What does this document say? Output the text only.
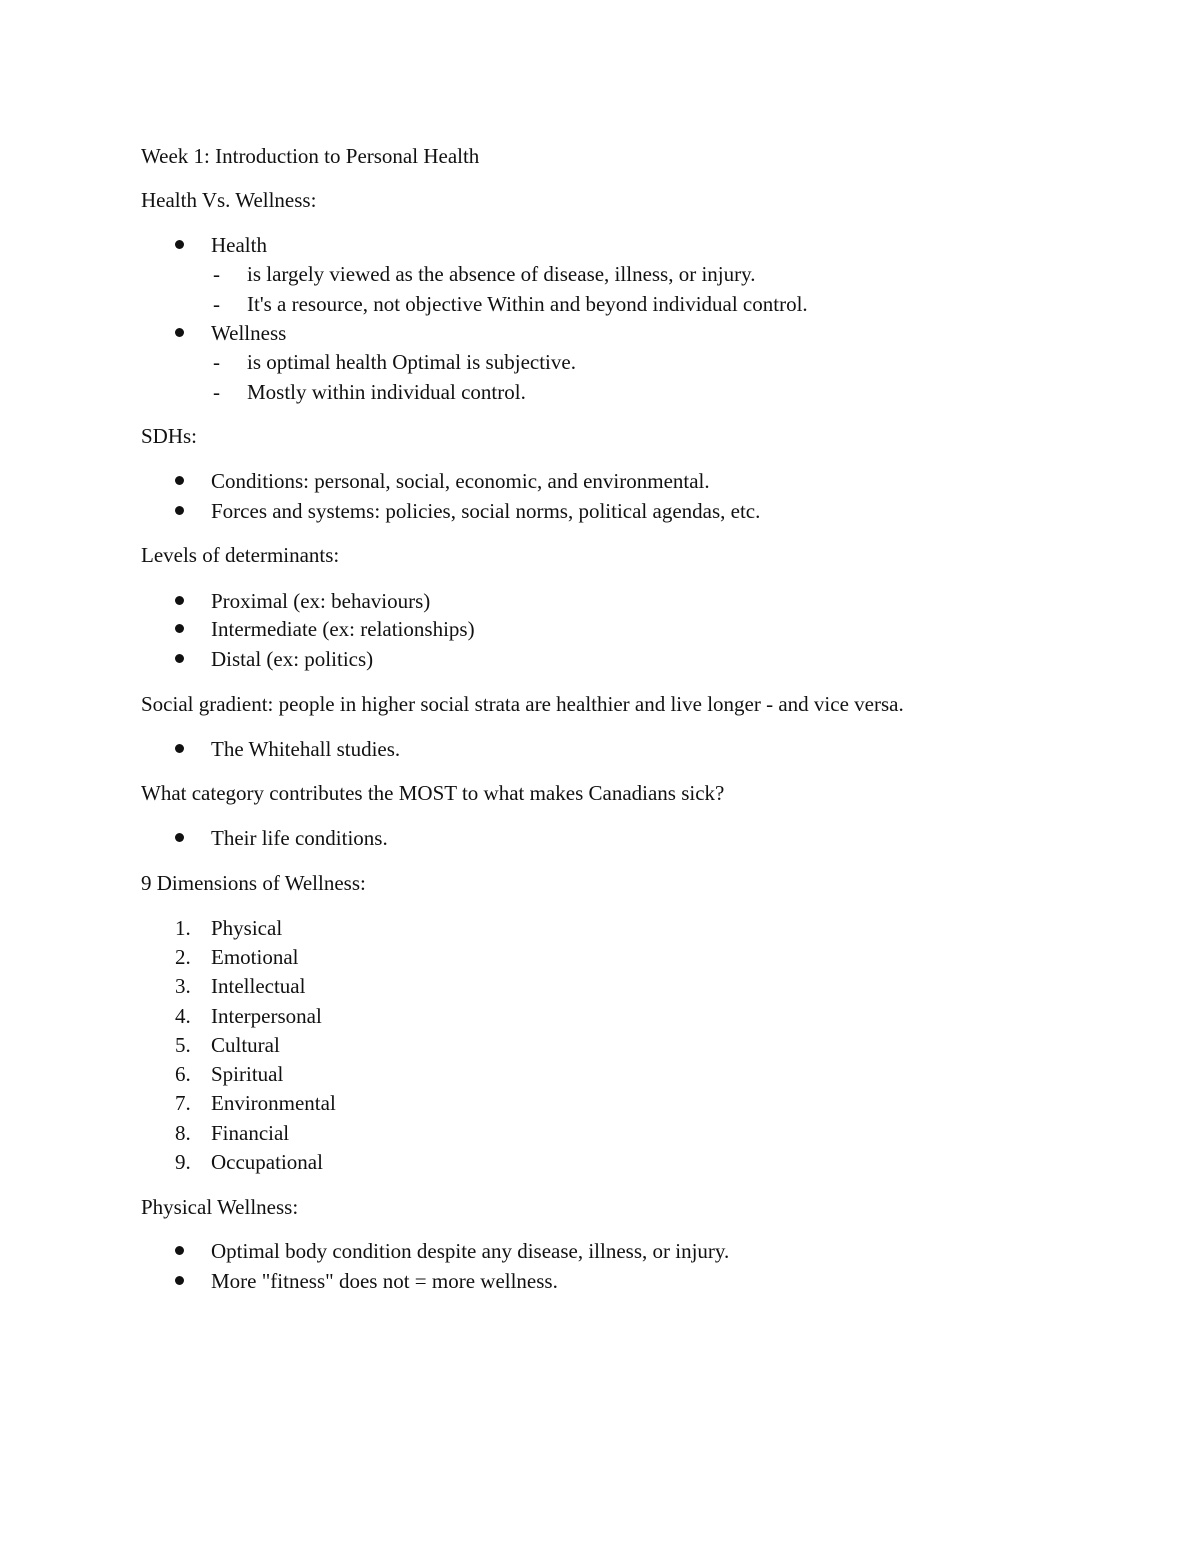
Week 1: Introduction to Personal Health
Health Vs. Wellness:
Health
- is largely viewed as the absence of disease, illness, or injury.
- It's a resource, not objective Within and beyond individual control.
Wellness
- is optimal health Optimal is subjective.
- Mostly within individual control.
SDHs:
Conditions: personal, social, economic, and environmental.
Forces and systems: policies, social norms, political agendas, etc.
Levels of determinants:
Proximal (ex: behaviours)
Intermediate (ex: relationships)
Distal (ex: politics)
Social gradient: people in higher social strata are healthier and live longer - and vice versa.
The Whitehall studies.
What category contributes the MOST to what makes Canadians sick?
Their life conditions.
9 Dimensions of Wellness:
1. Physical
2. Emotional
3. Intellectual
4. Interpersonal
5. Cultural
6. Spiritual
7. Environmental
8. Financial
9. Occupational
Physical Wellness:
Optimal body condition despite any disease, illness, or injury.
More "fitness" does not = more wellness.
